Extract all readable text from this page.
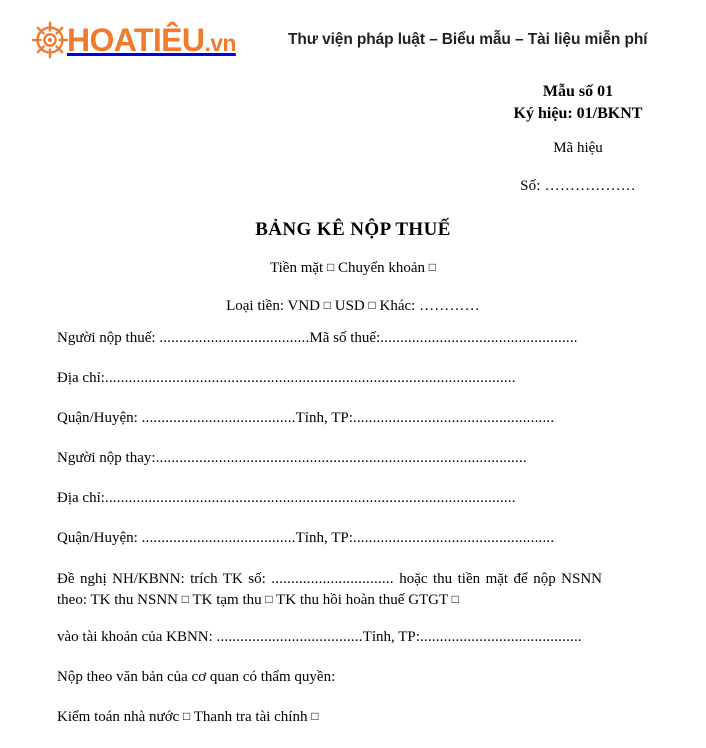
HOATIÊU.vn	Thư viện pháp luật – Biểu mẫu – Tài liệu miễn phí
Mẫu số 01
Ký hiệu: 01/BKNT
Mã hiệu
Số: ………………
BẢNG KÊ NỘP THUẾ
Tiền mặt □ Chuyển khoản □
Loại tiền: VND □ USD □ Khác: …………
Người nộp thuế: ......................................Mã số thuế:..................................................
Địa chỉ:........................................................................................................
Quận/Huyện: .......................................Tỉnh, TP:...................................................
Người nộp thay:..............................................................................................
Địa chỉ:........................................................................................................
Quận/Huyện: .......................................Tỉnh, TP:...................................................
Đề nghị NH/KBNN: trích TK số: ............................... hoặc thu tiền mặt để nộp NSNN theo: TK thu NSNN □ TK tạm thu □ TK thu hồi hoàn thuế GTGT □
vào tài khoản của KBNN: .....................................Tỉnh, TP:.........................................
Nộp theo văn bản của cơ quan có thẩm quyền:
Kiểm toán nhà nước □ Thanh tra tài chính □
